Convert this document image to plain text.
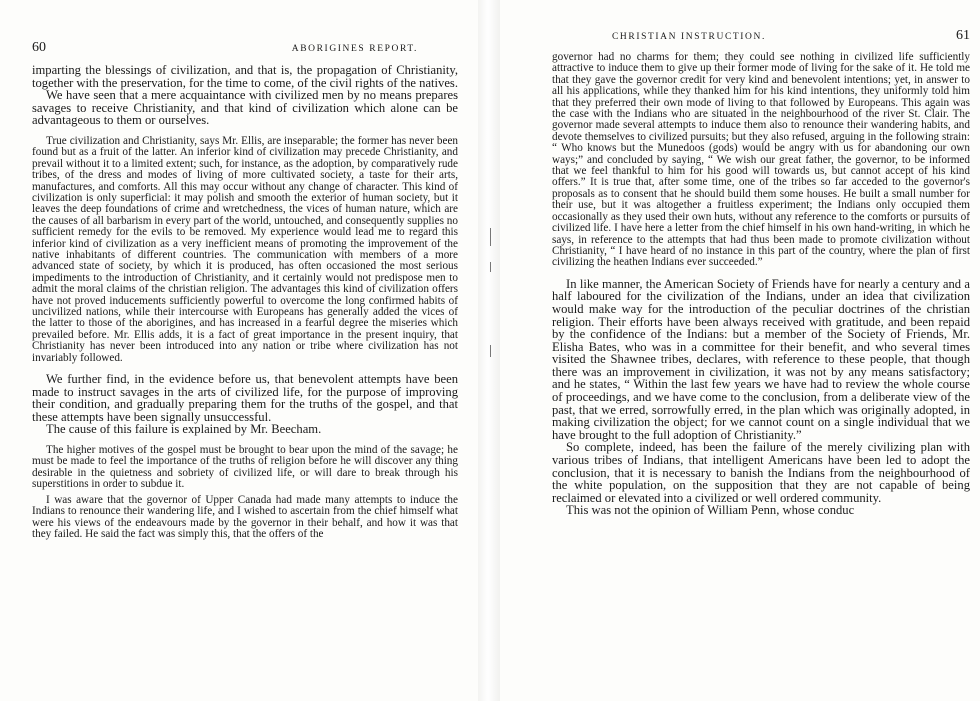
60	ABORIGINES REPORT.

imparting the blessings of civilization, and that is, the propagation of Christianity, together with the preservation, for the time to come, of the civil rights of the natives.

We have seen that a mere acquaintance with civilized men by no means prepares savages to receive Christianity, and that kind of civilization which alone can be advantageous to them or ourselves.

True civilization and Christianity, says Mr. Ellis, are inseparable; the former has never been found but as a fruit of the latter. An inferior kind of civilization may precede Christianity, and prevail without it to a limited extent; such, for instance, as the adoption, by comparatively rude tribes, of the dress and modes of living of more cultivated society, a taste for their arts, manufactures, and comforts. All this may occur without any change of character. This kind of civilization is only superficial: it may polish and smooth the exterior of human society, but it leaves the deep foundations of crime and wretchedness, the vices of human nature, which are the causes of all barbarism in every part of the world, untouched, and consequently supplies no sufficient remedy for the evils to be removed. My experience would lead me to regard this inferior kind of civilization as a very inefficient means of promoting the improvement of the native inhabitants of different countries. The communication with members of a more advanced state of society, by which it is produced, has often occasioned the most serious impediments to the introduction of Christianity, and it certainly would not predispose men to admit the moral claims of the christian religion. The advantages this kind of civilization offers have not proved inducements sufficiently powerful to overcome the long confirmed habits of uncivilized nations, while their intercourse with Europeans has generally added the vices of the latter to those of the aborigines, and has increased in a fearful degree the miseries which prevailed before. Mr. Ellis adds, it is a fact of great importance in the present inquiry, that Christianity has never been introduced into any nation or tribe where civilization has not invariably followed.

We further find, in the evidence before us, that benevolent attempts have been made to instruct savages in the arts of civilized life, for the purpose of improving their condition, and gradually preparing them for the truths of the gospel, and that these attempts have been signally unsuccessful.

The cause of this failure is explained by Mr. Beecham.

The higher motives of the gospel must be brought to bear upon the mind of the savage; he must be made to feel the importance of the truths of religion before he will discover any thing desirable in the quietness and sobriety of civilized life, or will dare to break through his superstitions in order to subdue it.

I was aware that the governor of Upper Canada had made many attempts to induce the Indians to renounce their wandering life, and I wished to ascertain from the chief himself what were his views of the endeavours made by the governor in their behalf, and how it was that they failed. He said the fact was simply this, that the offers of the

CHRISTIAN INSTRUCTION.	61

governor had no charms for them; they could see nothing in civilized life sufficiently attractive to induce them to give up their former mode of living for the sake of it. He told me that they gave the governor credit for very kind and benevolent intentions; yet, in answer to all his applications, while they thanked him for his kind intentions, they uniformly told him that they preferred their own mode of living to that followed by Europeans. This again was the case with the Indians who are situated in the neighbourhood of the river St. Clair. The governor made several attempts to induce them also to renounce their wandering habits, and devote themselves to civilized pursuits; but they also refused, arguing in the following strain: “ Who knows but the Munedoos (gods) would be angry with us for abandoning our own ways;” and concluded by saying, “ We wish our great father, the governor, to be informed that we feel thankful to him for his good will towards us, but cannot accept of his kind offers.” It is true that, after some time, one of the tribes so far acceded to the governor's proposals as to consent that he should build them some houses. He built a small number for their use, but it was altogether a fruitless experiment; the Indians only occupied them occasionally as they used their own huts, without any reference to the comforts or pursuits of civilized life. I have here a letter from the chief himself in his own hand-writing, in which he says, in reference to the attempts that had thus been made to promote civilization without Christianity, “ I have heard of no instance in this part of the country, where the plan of first civilizing the heathen Indians ever succeeded.”

In like manner, the American Society of Friends have for nearly a century and a half laboured for the civilization of the Indians, under an idea that civilization would make way for the introduction of the peculiar doctrines of the christian religion. Their efforts have been always received with gratitude, and been repaid by the confidence of the Indians: but a member of the Society of Friends, Mr. Elisha Bates, who was in a committee for their benefit, and who several times visited the Shawnee tribes, declares, with reference to these people, that though there was an improvement in civilization, it was not by any means satisfactory; and he states, “ Within the last few years we have had to review the whole course of proceedings, and we have come to the conclusion, from a deliberate view of the past, that we erred, sorrowfully erred, in the plan which was originally adopted, in making civilization the object; for we cannot count on a single individual that we have brought to the full adoption of Christianity.”

So complete, indeed, has been the failure of the merely civilizing plan with various tribes of Indians, that intelligent Americans have been led to adopt the conclusion, that it is necessary to banish the Indians from the neighbourhood of the white population, on the supposition that they are not capable of being reclaimed or elevated into a civilized or well ordered community.

This was not the opinion of William Penn, whose conduc
